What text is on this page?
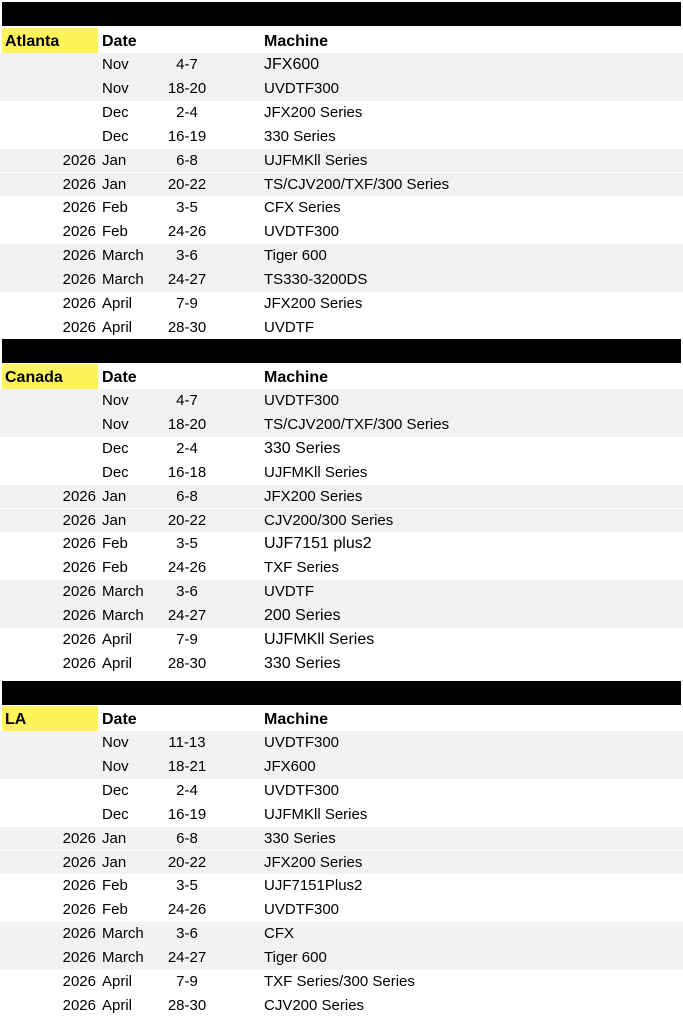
Atlanta	Date	Machine
Nov	4-7	JFX600
Nov	18-20	UVDTF300
Dec	2-4	JFX200 Series
Dec	16-19	330 Series
2026 Jan	6-8	UJFMKll Series
2026 Jan	20-22	TS/CJV200/TXF/300 Series
2026 Feb	3-5	CFX Series
2026 Feb	24-26	UVDTF300
2026 March	3-6	Tiger 600
2026 March	24-27	TS330-3200DS
2026 April	7-9	JFX200 Series
2026 April	28-30	UVDTF
Canada	Date	Machine
Nov	4-7	UVDTF300
Nov	18-20	TS/CJV200/TXF/300 Series
Dec	2-4	330 Series
Dec	16-18	UJFMKll Series
2026 Jan	6-8	JFX200 Series
2026 Jan	20-22	CJV200/300 Series
2026 Feb	3-5	UJF7151 plus2
2026 Feb	24-26	TXF Series
2026 March	3-6	UVDTF
2026 March	24-27	200 Series
2026 April	7-9	UJFMKll Series
2026 April	28-30	330 Series
LA	Date	Machine
Nov	11-13	UVDTF300
Nov	18-21	JFX600
Dec	2-4	UVDTF300
Dec	16-19	UJFMKll Series
2026 Jan	6-8	330 Series
2026 Jan	20-22	JFX200 Series
2026 Feb	3-5	UJF7151Plus2
2026 Feb	24-26	UVDTF300
2026 March	3-6	CFX
2026 March	24-27	Tiger 600
2026 April	7-9	TXF Series/300 Series
2026 April	28-30	CJV200 Series
